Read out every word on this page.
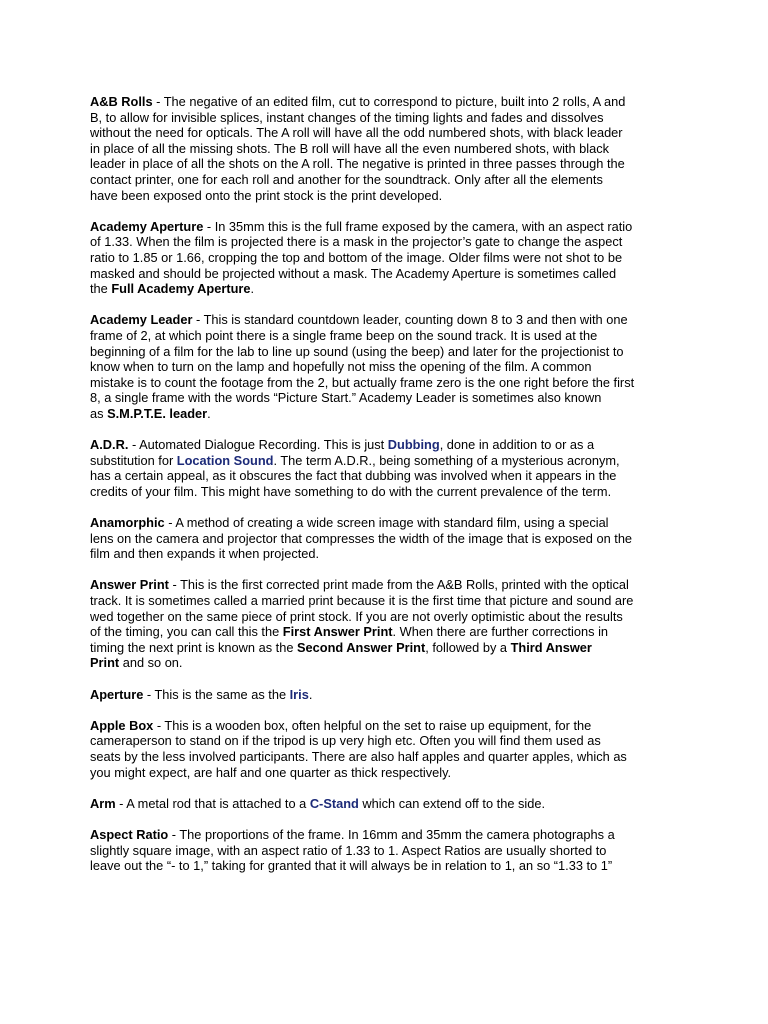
A&B Rolls - The negative of an edited film, cut to correspond to picture, built into 2 rolls, A and
B, to allow for invisible splices, instant changes of the timing lights and fades and dissolves
without the need for opticals. The A roll will have all the odd numbered shots, with black leader
in place of all the missing shots. The B roll will have all the even numbered shots, with black
leader in place of all the shots on the A roll. The negative is printed in three passes through the
contact printer, one for each roll and another for the soundtrack. Only after all the elements
have been exposed onto the print stock is the print developed.
Academy Aperture - In 35mm this is the full frame exposed by the camera, with an aspect ratio
of 1.33. When the film is projected there is a mask in the projector’s gate to change the aspect
ratio to 1.85 or 1.66, cropping the top and bottom of the image. Older films were not shot to be
masked and should be projected without a mask. The Academy Aperture is sometimes called
the Full Academy Aperture.
Academy Leader - This is standard countdown leader, counting down 8 to 3 and then with one
frame of 2, at which point there is a single frame beep on the sound track. It is used at the
beginning of a film for the lab to line up sound (using the beep) and later for the projectionist to
know when to turn on the lamp and hopefully not miss the opening of the film. A common
mistake is to count the footage from the 2, but actually frame zero is the one right before the first
8, a single frame with the words “Picture Start.” Academy Leader is sometimes also known
as S.M.P.T.E. leader.
A.D.R. - Automated Dialogue Recording. This is just Dubbing, done in addition to or as a
substitution for Location Sound. The term A.D.R., being something of a mysterious acronym,
has a certain appeal, as it obscures the fact that dubbing was involved when it appears in the
credits of your film. This might have something to do with the current prevalence of the term.
Anamorphic - A method of creating a wide screen image with standard film, using a special
lens on the camera and projector that compresses the width of the image that is exposed on the
film and then expands it when projected.
Answer Print - This is the first corrected print made from the A&B Rolls, printed with the optical
track. It is sometimes called a married print because it is the first time that picture and sound are
wed together on the same piece of print stock. If you are not overly optimistic about the results
of the timing, you can call this the First Answer Print. When there are further corrections in
timing the next print is known as the Second Answer Print, followed by a Third Answer
Print and so on.
Aperture - This is the same as the Iris.
Apple Box - This is a wooden box, often helpful on the set to raise up equipment, for the
cameraperson to stand on if the tripod is up very high etc. Often you will find them used as
seats by the less involved participants. There are also half apples and quarter apples, which as
you might expect, are half and one quarter as thick respectively.
Arm - A metal rod that is attached to a C-Stand which can extend off to the side.
Aspect Ratio - The proportions of the frame. In 16mm and 35mm the camera photographs a
slightly square image, with an aspect ratio of 1.33 to 1. Aspect Ratios are usually shorted to
leave out the “- to 1,” taking for granted that it will always be in relation to 1, an so “1.33 to 1”
